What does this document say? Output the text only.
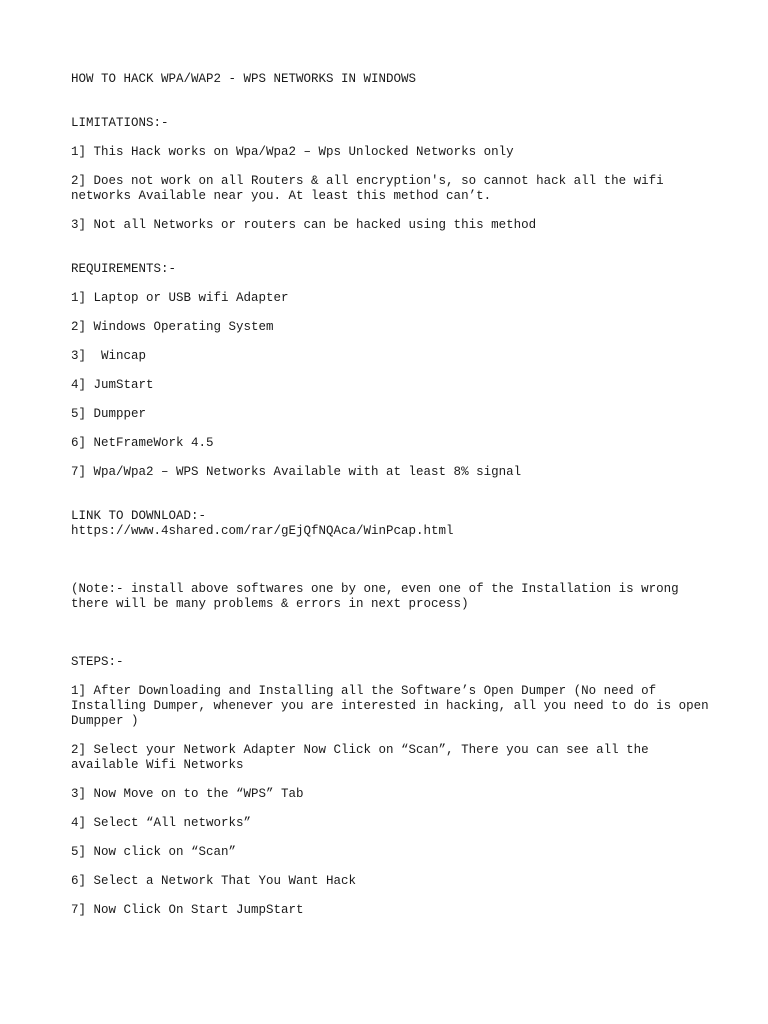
HOW TO HACK WPA/WAP2 - WPS NETWORKS IN WINDOWS

LIMITATIONS:-

1] This Hack works on Wpa/Wpa2 – Wps Unlocked Networks only

2] Does not work on all Routers & all encryption's, so cannot hack all the wifi networks Available near you. At least this method can’t.

3] Not all Networks or routers can be hacked using this method

REQUIREMENTS:-

1] Laptop or USB wifi Adapter

2] Windows Operating System

3]  Wincap

4] JumStart

5] Dumpper

6] NetFrameWork 4.5

7] Wpa/Wpa2 – WPS Networks Available with at least 8% signal

LINK TO DOWNLOAD:-

https://www.4shared.com/rar/gEjQfNQAca/WinPcap.html

(Note:- install above softwares one by one, even one of the Installation is wrong there will be many problems & errors in next process)

STEPS:-

1] After Downloading and Installing all the Software’s Open Dumper (No need of Installing Dumper, whenever you are interested in hacking, all you need to do is open Dumpper )

2] Select your Network Adapter Now Click on “Scan”, There you can see all the available Wifi Networks

3] Now Move on to the “WPS” Tab

4] Select “All networks”

5] Now click on “Scan”

6] Select a Network That You Want Hack

7] Now Click On Start JumpStart
